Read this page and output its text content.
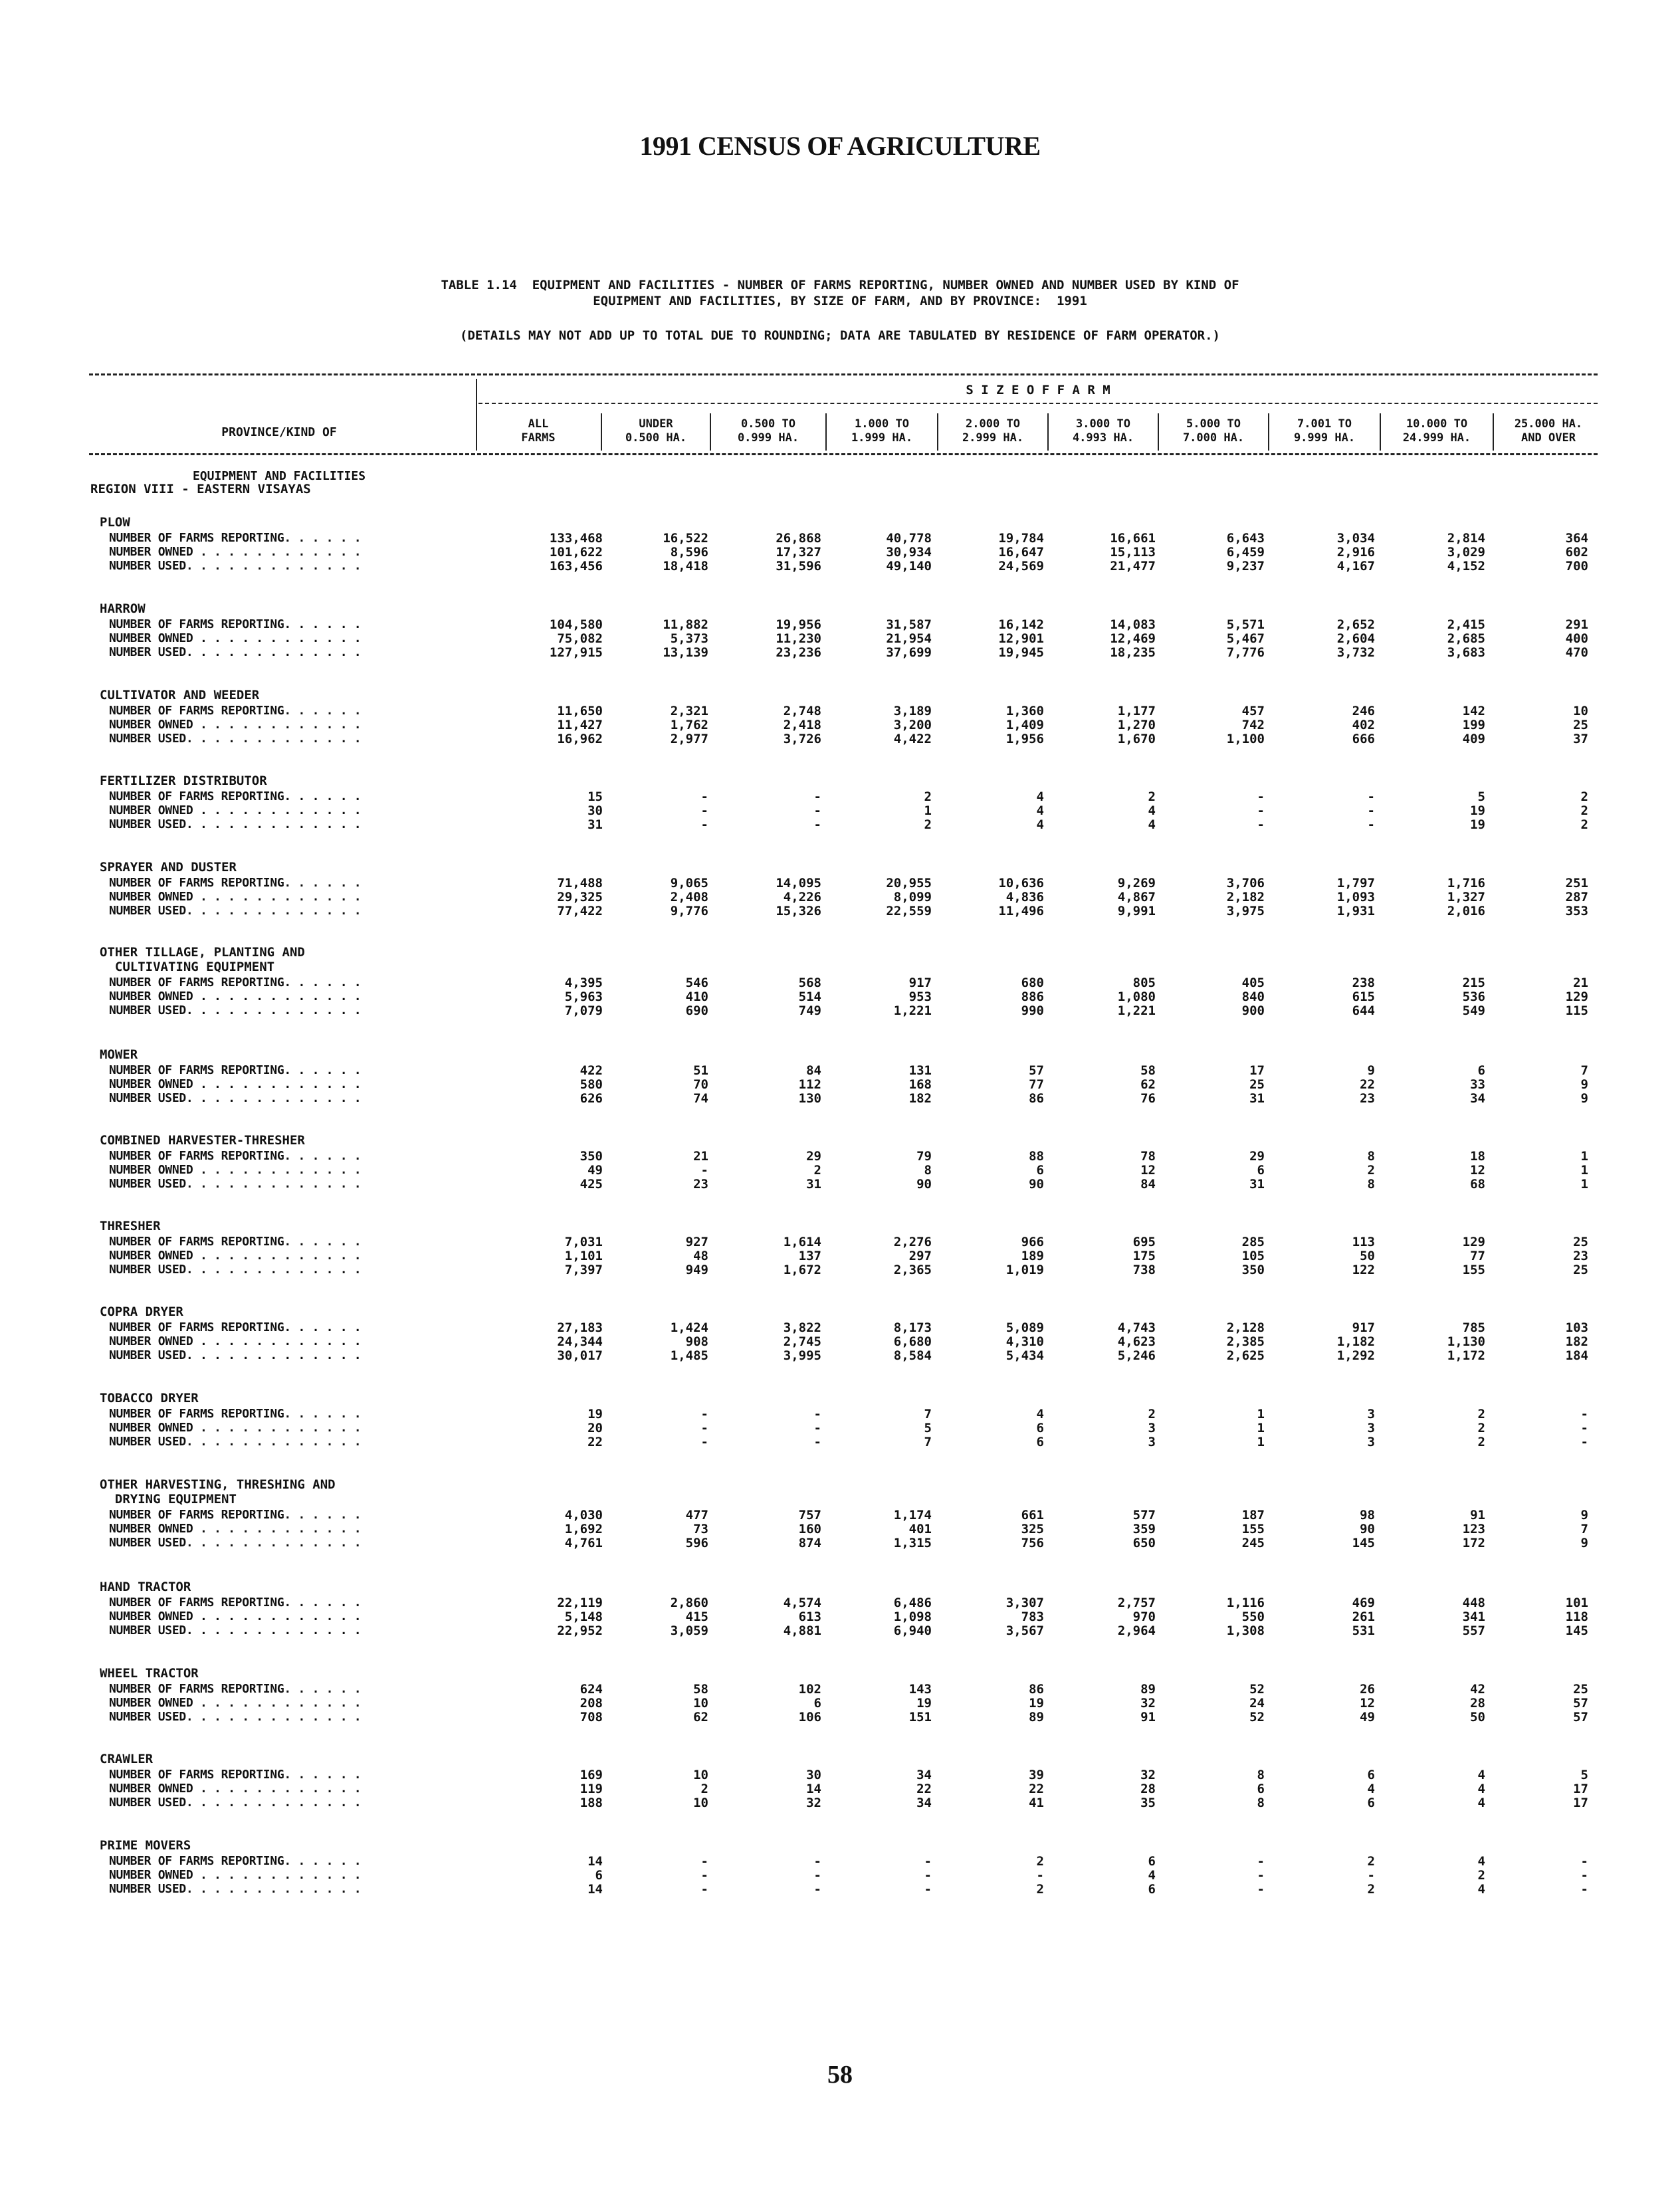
1991 CENSUS OF AGRICULTURE
TABLE 1.14  EQUIPMENT AND FACILITIES - NUMBER OF FARMS REPORTING, NUMBER OWNED AND NUMBER USED BY KIND OF
EQUIPMENT AND FACILITIES, BY SIZE OF FARM, AND BY PROVINCE:  1991
(DETAILS MAY NOT ADD UP TO TOTAL DUE TO ROUNDING; DATA ARE TABULATED BY RESIDENCE OF FARM OPERATOR.)

PROVINCE/KIND OF

EQUIPMENT AND FACILITIES

S I Z E O F F A R M
ALL
FARMS
UNDER
0.500 HA.
0.500 TO
0.999 HA.
1.000 TO
1.999 HA.
2.000 TO
2.999 HA.
3.000 TO
4.993 HA.
5.000 TO
7.000 HA.
7.001 TO
9.999 HA.
10.000 TO
24.999 HA.
25.000 HA.
AND OVER
REGION VIII - EASTERN VISAYAS
PLOW
NUMBER OF FARMS REPORTING. . . . . .	133,468	16,522	26,868	40,778	19,784	16,661	6,643	3,034	2,814	364
NUMBER OWNED . . . . . . . . . . . .	101,622	8,596	17,327	30,934	16,647	15,113	6,459	2,916	3,029	602
NUMBER USED. . . . . . . . . . . . .	163,456	18,418	31,596	49,140	24,569	21,477	9,237	4,167	4,152	700
HARROW
NUMBER OF FARMS REPORTING. . . . . .	104,580	11,882	19,956	31,587	16,142	14,083	5,571	2,652	2,415	291
NUMBER OWNED . . . . . . . . . . . .	75,082	5,373	11,230	21,954	12,901	12,469	5,467	2,604	2,685	400
NUMBER USED. . . . . . . . . . . . .	127,915	13,139	23,236	37,699	19,945	18,235	7,776	3,732	3,683	470
CULTIVATOR AND WEEDER
NUMBER OF FARMS REPORTING. . . . . .	11,650	2,321	2,748	3,189	1,360	1,177	457	246	142	10
NUMBER OWNED . . . . . . . . . . . .	11,427	1,762	2,418	3,200	1,409	1,270	742	402	199	25
NUMBER USED. . . . . . . . . . . . .	16,962	2,977	3,726	4,422	1,956	1,670	1,100	666	409	37
FERTILIZER DISTRIBUTOR
NUMBER OF FARMS REPORTING. . . . . .	15	-	-	2	4	2	-	-	5	2
NUMBER OWNED . . . . . . . . . . . .	30	-	-	1	4	4	-	-	19	2
NUMBER USED. . . . . . . . . . . . .	31	-	-	2	4	4	-	-	19	2
SPRAYER AND DUSTER
NUMBER OF FARMS REPORTING. . . . . .	71,488	9,065	14,095	20,955	10,636	9,269	3,706	1,797	1,716	251
NUMBER OWNED . . . . . . . . . . . .	29,325	2,408	4,226	8,099	4,836	4,867	2,182	1,093	1,327	287
NUMBER USED. . . . . . . . . . . . .	77,422	9,776	15,326	22,559	11,496	9,991	3,975	1,931	2,016	353
OTHER TILLAGE, PLANTING AND
CULTIVATING EQUIPMENT
NUMBER OF FARMS REPORTING. . . . . .	4,395	546	568	917	680	805	405	238	215	21
NUMBER OWNED . . . . . . . . . . . .	5,963	410	514	953	886	1,080	840	615	536	129
NUMBER USED. . . . . . . . . . . . .	7,079	690	749	1,221	990	1,221	900	644	549	115
MOWER
NUMBER OF FARMS REPORTING. . . . . .	422	51	84	131	57	58	17	9	6	7
NUMBER OWNED . . . . . . . . . . . .	580	70	112	168	77	62	25	22	33	9
NUMBER USED. . . . . . . . . . . . .	626	74	130	182	86	76	31	23	34	9
COMBINED HARVESTER-THRESHER
NUMBER OF FARMS REPORTING. . . . . .	350	21	29	79	88	78	29	8	18	1
NUMBER OWNED . . . . . . . . . . . .	49	-	2	8	6	12	6	2	12	1
NUMBER USED. . . . . . . . . . . . .	425	23	31	90	90	84	31	8	68	1
THRESHER
NUMBER OF FARMS REPORTING. . . . . .	7,031	927	1,614	2,276	966	695	285	113	129	25
NUMBER OWNED . . . . . . . . . . . .	1,101	48	137	297	189	175	105	50	77	23
NUMBER USED. . . . . . . . . . . . .	7,397	949	1,672	2,365	1,019	738	350	122	155	25
COPRA DRYER
NUMBER OF FARMS REPORTING. . . . . .	27,183	1,424	3,822	8,173	5,089	4,743	2,128	917	785	103
NUMBER OWNED . . . . . . . . . . . .	24,344	908	2,745	6,680	4,310	4,623	2,385	1,182	1,130	182
NUMBER USED. . . . . . . . . . . . .	30,017	1,485	3,995	8,584	5,434	5,246	2,625	1,292	1,172	184
TOBACCO DRYER
NUMBER OF FARMS REPORTING. . . . . .	19	-	-	7	4	2	1	3	2	-
NUMBER OWNED . . . . . . . . . . . .	20	-	-	5	6	3	1	3	2	-
NUMBER USED. . . . . . . . . . . . .	22	-	-	7	6	3	1	3	2	-
OTHER HARVESTING, THRESHING AND
DRYING EQUIPMENT
NUMBER OF FARMS REPORTING. . . . . .	4,030	477	757	1,174	661	577	187	98	91	9
NUMBER OWNED . . . . . . . . . . . .	1,692	73	160	401	325	359	155	90	123	7
NUMBER USED. . . . . . . . . . . . .	4,761	596	874	1,315	756	650	245	145	172	9
HAND TRACTOR
NUMBER OF FARMS REPORTING. . . . . .	22,119	2,860	4,574	6,486	3,307	2,757	1,116	469	448	101
NUMBER OWNED . . . . . . . . . . . .	5,148	415	613	1,098	783	970	550	261	341	118
NUMBER USED. . . . . . . . . . . . .	22,952	3,059	4,881	6,940	3,567	2,964	1,308	531	557	145
WHEEL TRACTOR
NUMBER OF FARMS REPORTING. . . . . .	624	58	102	143	86	89	52	26	42	25
NUMBER OWNED . . . . . . . . . . . .	208	10	6	19	19	32	24	12	28	57
NUMBER USED. . . . . . . . . . . . .	708	62	106	151	89	91	52	49	50	57
CRAWLER
NUMBER OF FARMS REPORTING. . . . . .	169	10	30	34	39	32	8	6	4	5
NUMBER OWNED . . . . . . . . . . . .	119	2	14	22	22	28	6	4	4	17
NUMBER USED. . . . . . . . . . . . .	188	10	32	34	41	35	8	6	4	17
PRIME MOVERS
NUMBER OF FARMS REPORTING. . . . . .	14	-	-	-	2	6	-	2	4	-
NUMBER OWNED . . . . . . . . . . . .	6	-	-	-	-	4	-	-	2	-
NUMBER USED. . . . . . . . . . . . .	14	-	-	-	2	6	-	2	4	-
58
